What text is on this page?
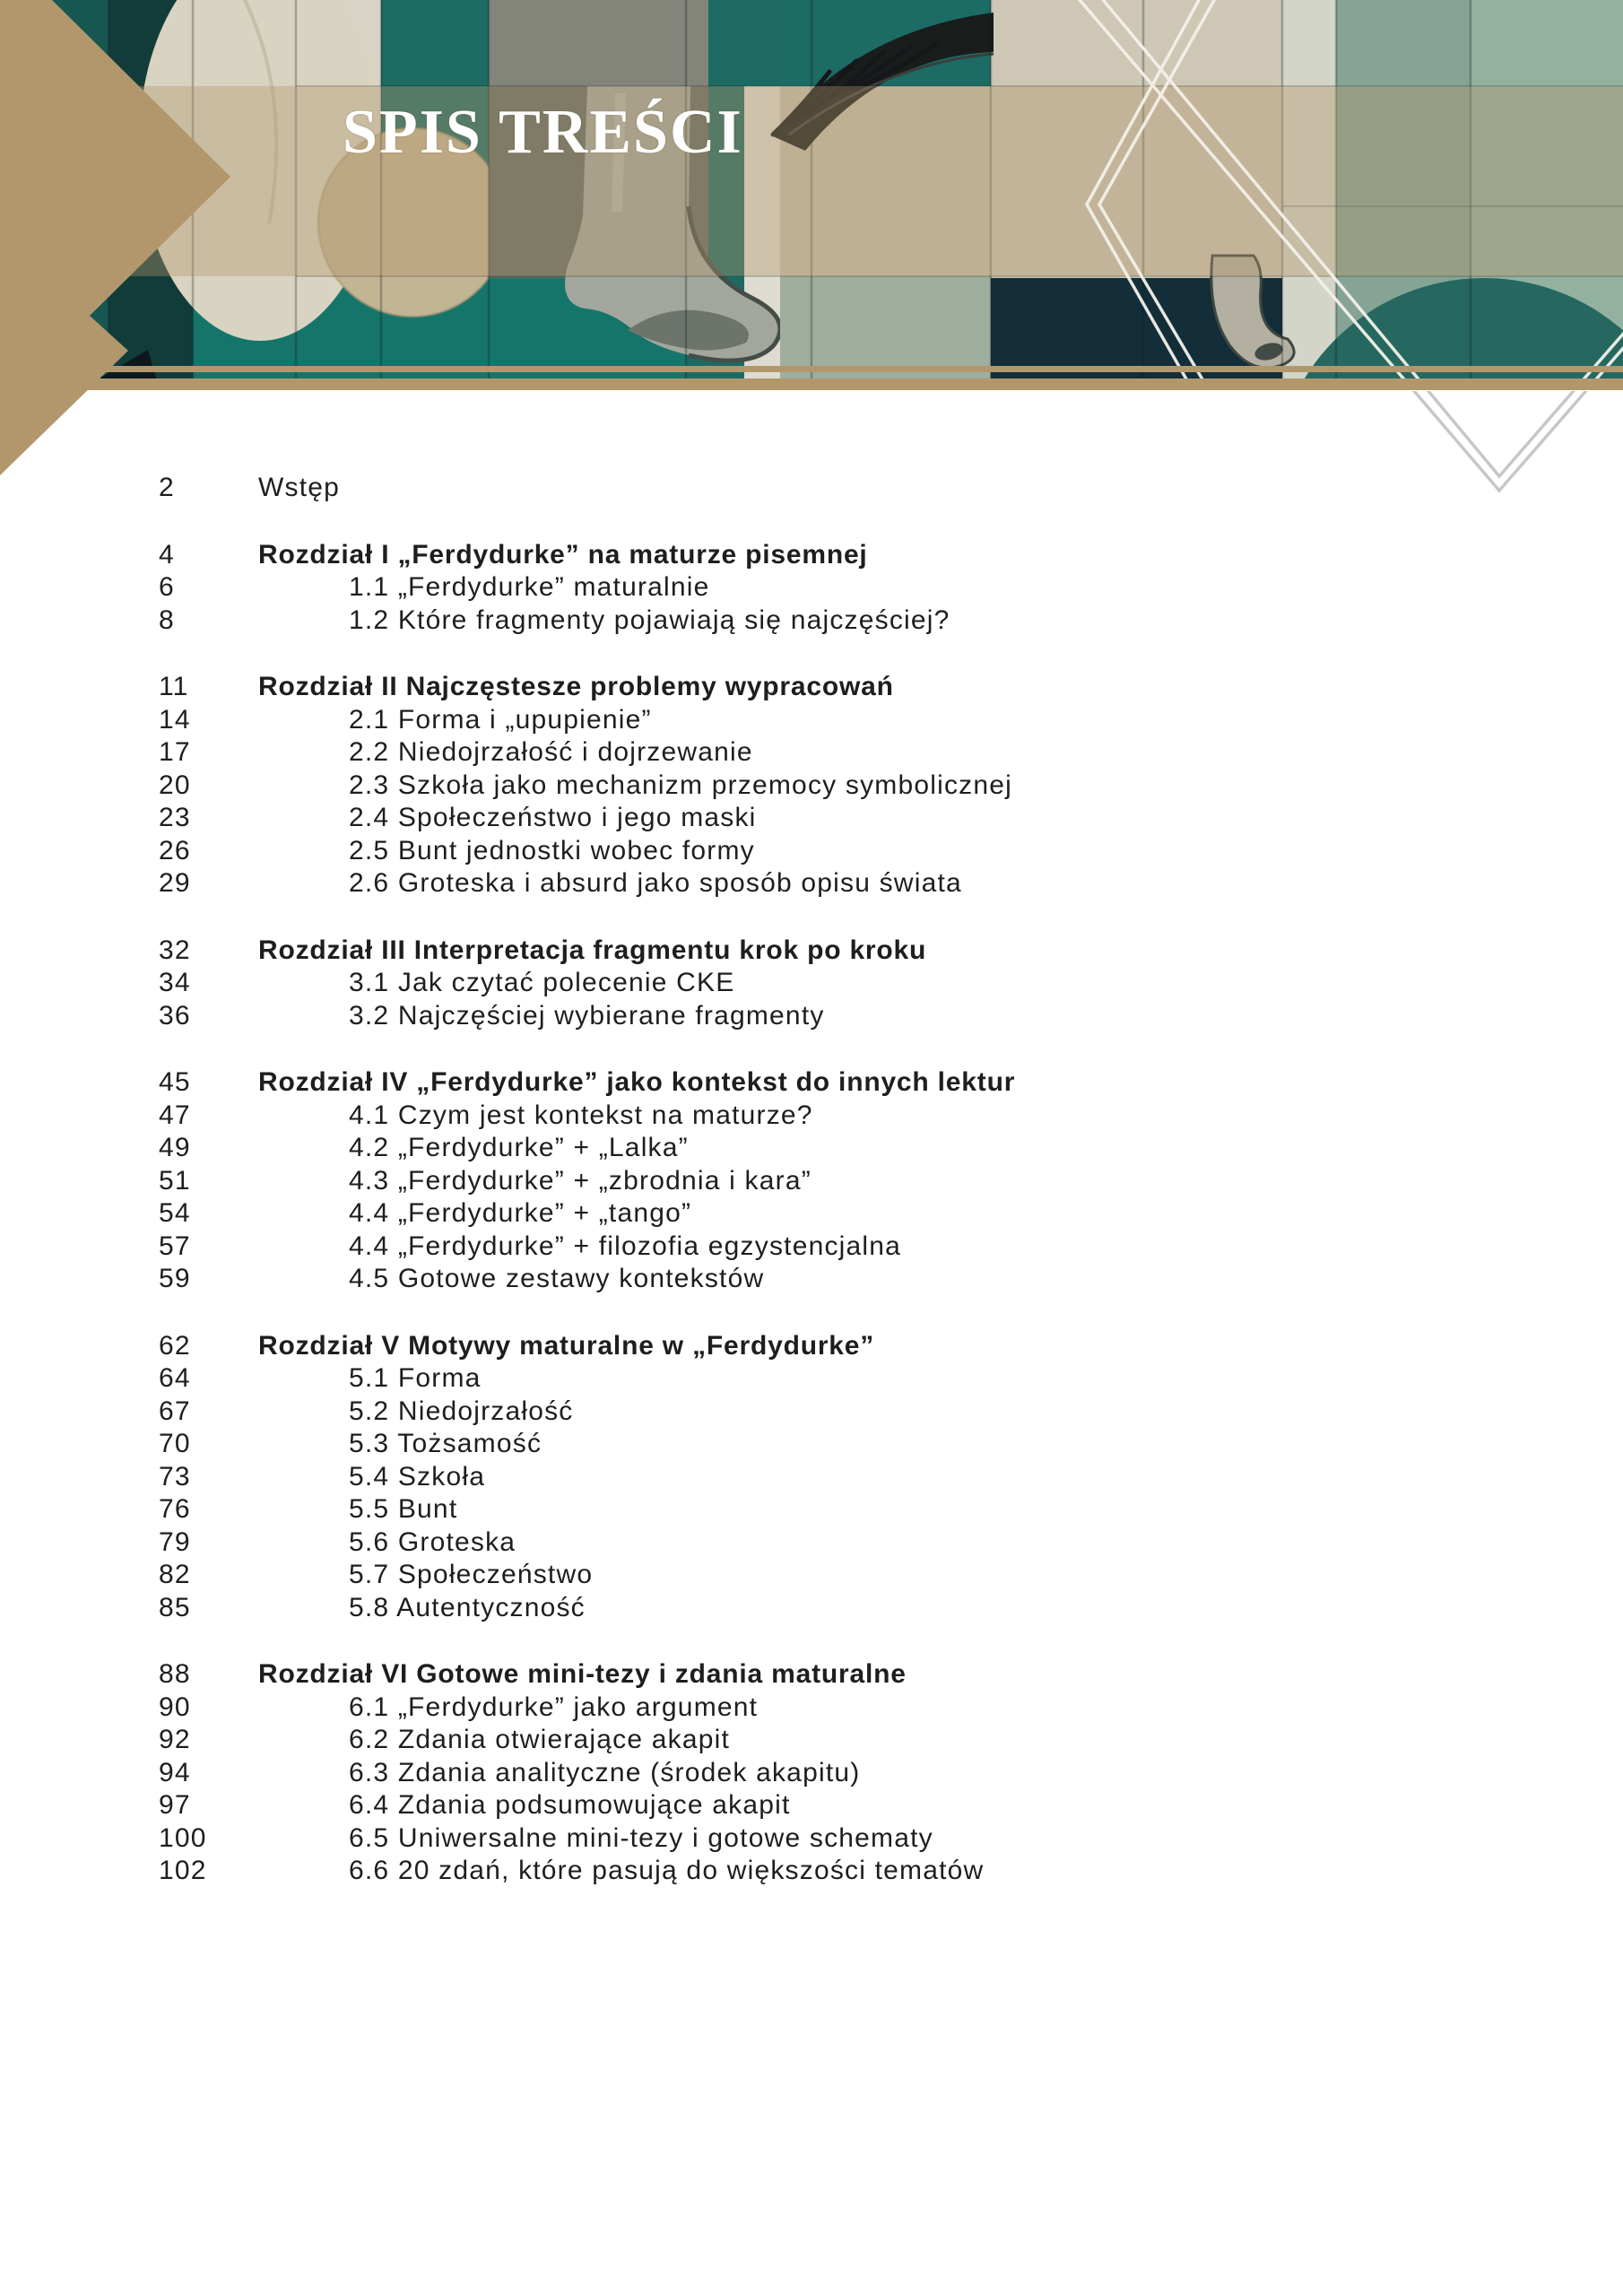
SPIS TREŚCI
2	Wstęp
4	Rozdział I „Ferdydurke” na maturze pisemnej
6	1.1 „Ferdydurke” maturalnie
8	1.2 Które fragmenty pojawiają się najczęściej?
11	Rozdział II Najczęstesze problemy wypracowań
14	2.1 Forma i „upupienie”
17	2.2 Niedojrzałość i dojrzewanie
20	2.3 Szkoła jako mechanizm przemocy symbolicznej
23	2.4 Społeczeństwo i jego maski
26	2.5 Bunt jednostki wobec formy
29	2.6 Groteska i absurd jako sposób opisu świata
32	Rozdział III Interpretacja fragmentu krok po kroku
34	3.1 Jak czytać polecenie CKE
36	3.2 Najczęściej wybierane fragmenty
45	Rozdział IV „Ferdydurke” jako kontekst do innych lektur
47	4.1 Czym jest kontekst na maturze?
49	4.2 „Ferdydurke” + „Lalka”
51	4.3 „Ferdydurke” + „zbrodnia i kara”
54	4.4 „Ferdydurke” + „tango”
57	4.4 „Ferdydurke” + filozofia egzystencjalna
59	4.5 Gotowe zestawy kontekstów
62	Rozdział V Motywy maturalne w „Ferdydurke”
64	5.1 Forma
67	5.2 Niedojrzałość
70	5.3 Tożsamość
73	5.4 Szkoła
76	5.5 Bunt
79	5.6 Groteska
82	5.7 Społeczeństwo
85	5.8 Autentyczność
88	Rozdział VI Gotowe mini-tezy i zdania maturalne
90	6.1 „Ferdydurke” jako argument
92	6.2 Zdania otwierające akapit
94	6.3 Zdania analityczne (środek akapitu)
97	6.4 Zdania podsumowujące akapit
100	6.5 Uniwersalne mini-tezy i gotowe schematy
102	6.6 20 zdań, które pasują do większości tematów
